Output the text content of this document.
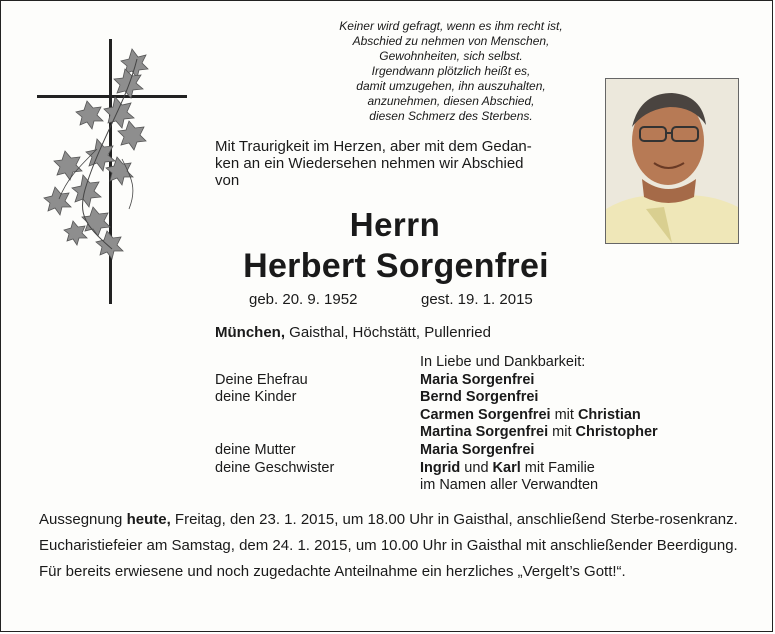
Keiner wird gefragt, wenn es ihm recht ist,
Abschied zu nehmen von Menschen,
Gewohnheiten, sich selbst.
Irgendwann plötzlich heißt es,
damit umzugehen, ihn auszuhalten,
anzunehmen, diesen Abschied,
diesen Schmerz des Sterbens.
Mit Traurigkeit im Herzen, aber mit dem Gedan-
ken an ein Wiedersehen nehmen wir Abschied
von
Herrn
Herbert Sorgenfrei
geb. 20. 9. 1952	gest. 19. 1. 2015
München, Gaisthal, Höchstätt, Pullenried
In Liebe und Dankbarkeit:
Deine Ehefrau	Maria Sorgenfrei
deine Kinder	Bernd Sorgenfrei
Carmen Sorgenfrei mit Christian
Martina Sorgenfrei mit Christopher
deine Mutter	Maria Sorgenfrei
deine Geschwister	Ingrid und Karl mit Familie
im Namen aller Verwandten

Aussegnung heute, Freitag, den 23. 1. 2015, um 18.00 Uhr in Gaisthal, anschließend Sterbe-rosenkranz.

Eucharistiefeier am Samstag, dem 24. 1. 2015, um 10.00 Uhr in Gaisthal mit anschließender Beerdigung.

Für bereits erwiesene und noch zugedachte Anteilnahme ein herzliches „Vergelt’s Gott!“.
